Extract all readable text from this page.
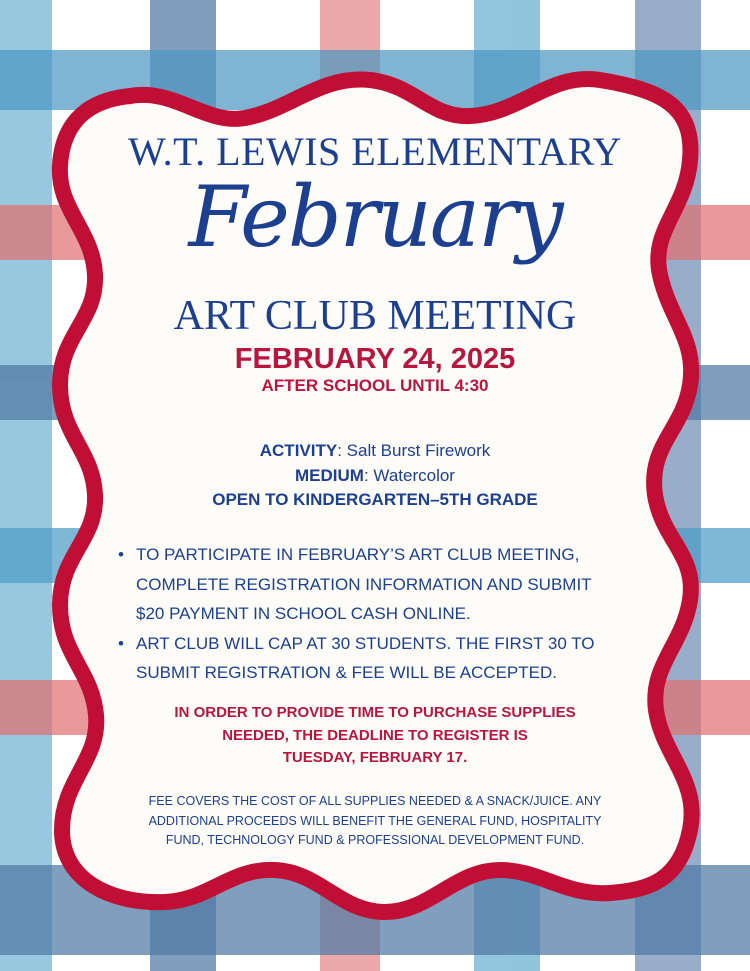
W.T. LEWIS ELEMENTARY
February
ART CLUB MEETING
FEBRUARY 24, 2025
AFTER SCHOOL UNTIL 4:30
ACTIVITY: Salt Burst Firework
MEDIUM: Watercolor
OPEN TO KINDERGARTEN–5TH GRADE
• TO PARTICIPATE IN FEBRUARY’S ART CLUB MEETING,
COMPLETE REGISTRATION INFORMATION AND SUBMIT
$20 PAYMENT IN SCHOOL CASH ONLINE.
• ART CLUB WILL CAP AT 30 STUDENTS. THE FIRST 30 TO
SUBMIT REGISTRATION & FEE WILL BE ACCEPTED.
IN ORDER TO PROVIDE TIME TO PURCHASE SUPPLIES
NEEDED, THE DEADLINE TO REGISTER IS
TUESDAY, FEBRUARY 17.
FEE COVERS THE COST OF ALL SUPPLIES NEEDED & A SNACK/JUICE. ANY
ADDITIONAL PROCEEDS WILL BENEFIT THE GENERAL FUND, HOSPITALITY
FUND, TECHNOLOGY FUND & PROFESSIONAL DEVELOPMENT FUND.
